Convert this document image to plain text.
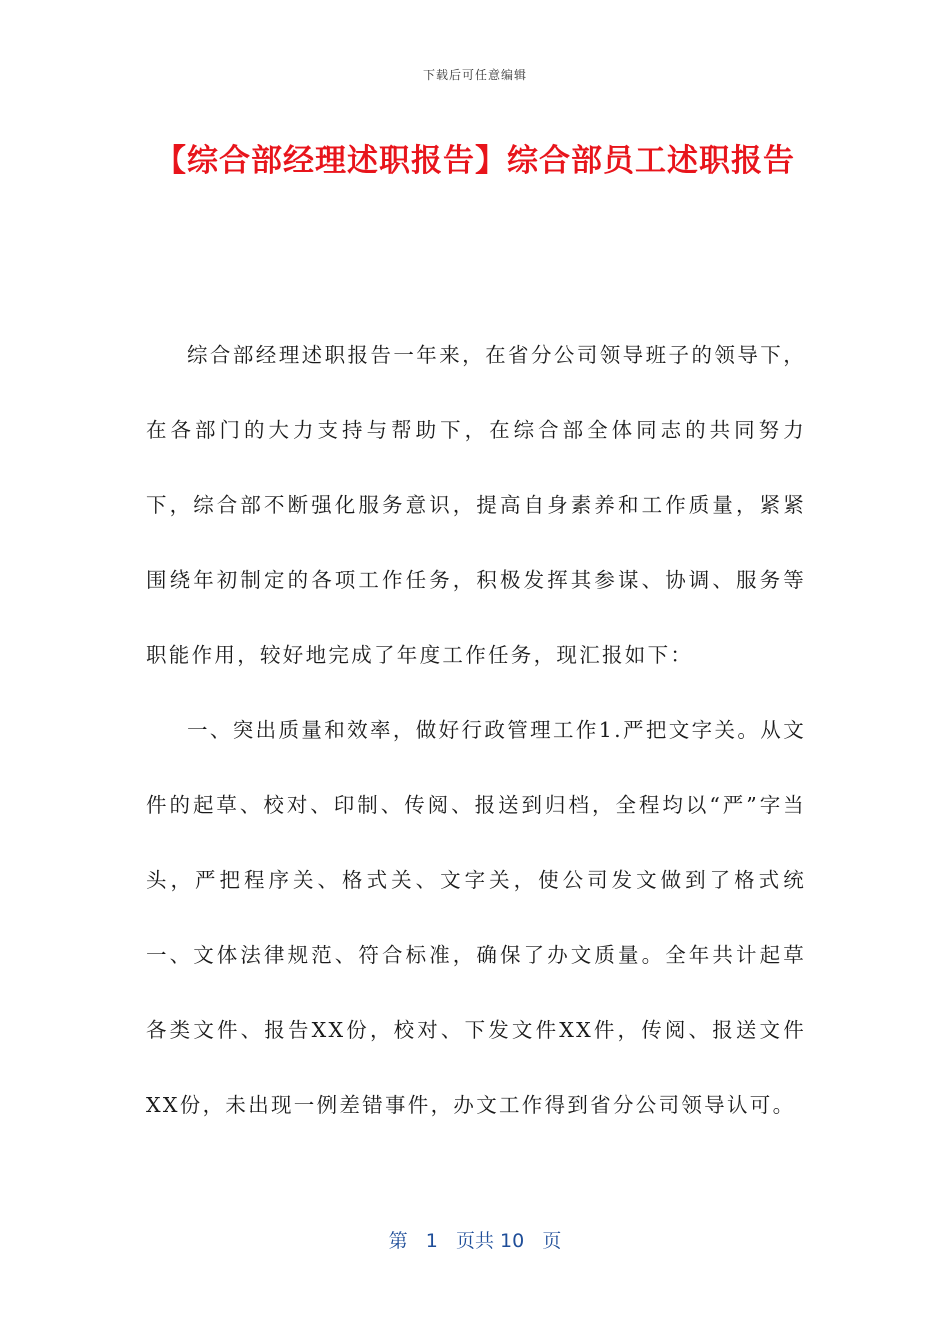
下载后可任意编辑
【综合部经理述职报告】综合部员工述职报告

综合部经理述职报告一年来，在省分公司领导班子的领导下，在各部门的大力支持与帮助下，在综合部全体同志的共同努力下，综合部不断强化服务意识，提高自身素养和工作质量，紧紧围绕年初制定的各项工作任务，积极发挥其参谋、协调、服务等职能作用，较好地完成了年度工作任务，现汇报如下：

一、突出质量和效率，做好行政管理工作1.严把文字关。从文件的起草、校对、印制、传阅、报送到归档，全程均以“严”字当头，严把程序关、格式关、文字关，使公司发文做到了格式统一、文体法律规范、符合标准，确保了办文质量。全年共计起草各类文件、报告XX份，校对、下发文件XX件，传阅、报送文件XX份，未出现一例差错事件，办文工作得到省分公司领导认可。

第 1 页共 10 页
